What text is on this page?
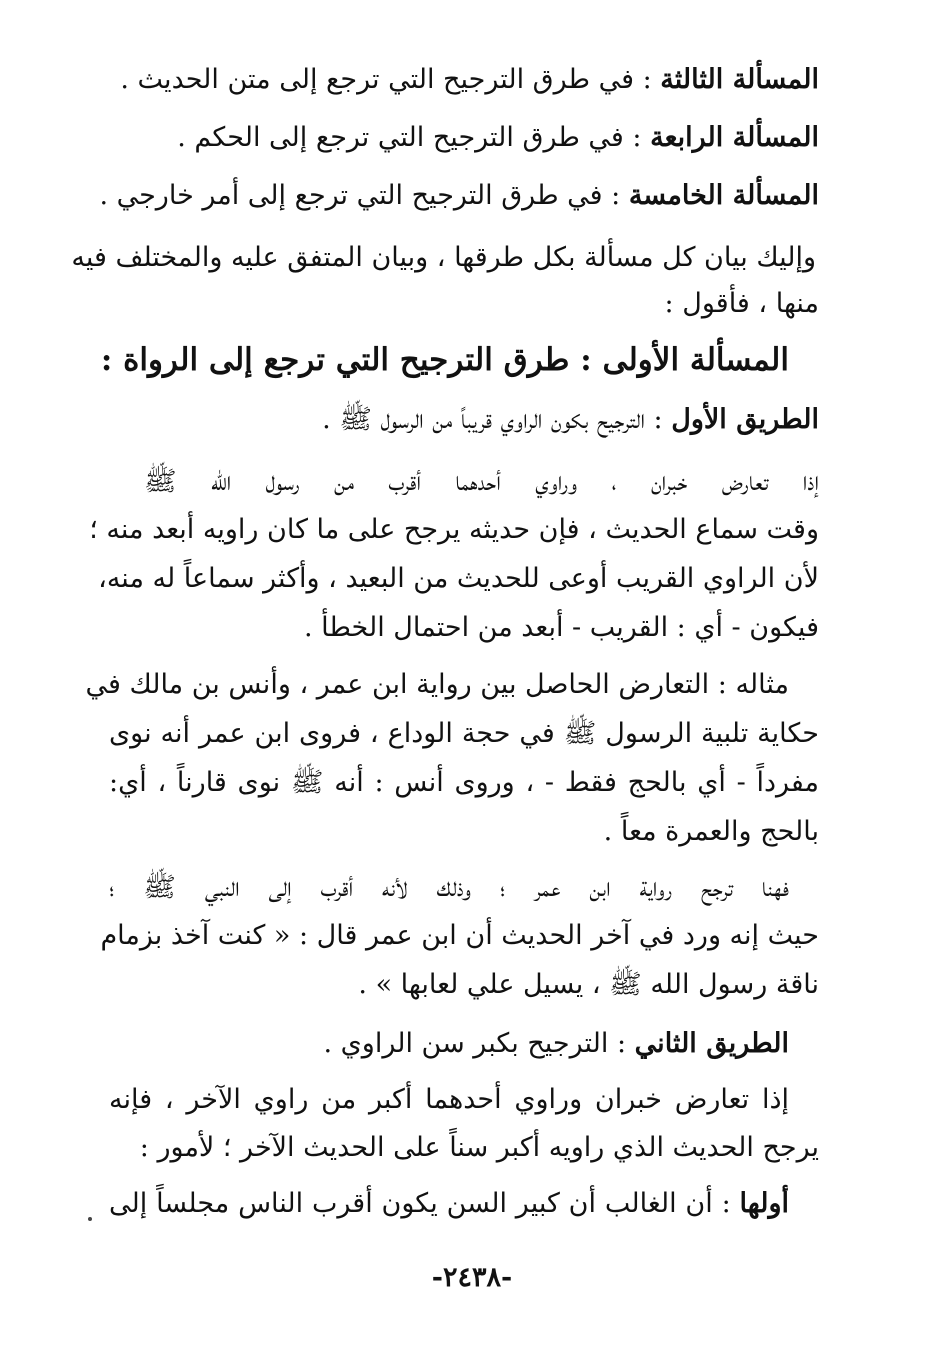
المسألة الثالثة : في طرق الترجيح التي ترجع إلى متن الحديث .
المسألة الرابعة : في طرق الترجيح التي ترجع إلى الحكم .
المسألة الخامسة : في طرق الترجيح التي ترجع إلى أمر خارجي .
وإليك بيان كل مسألة بكل طرقها ، وبيان المتفق عليه والمختلف فيه
منها ، فأقول :
المسألة الأولى : طرق الترجيح التي ترجع إلى الرواة :
الطريق الأول : الترجيح بكون الراوي قريباً من الرسول ﷺ .
إذا تعارض خبران ، وراوي أحدهما أقرب من رسول الله ﷺ
وقت سماع الحديث ، فإن حديثه يرجح على ما كان راويه أبعد منه ؛
لأن الراوي القريب أوعى للحديث من البعيد ، وأكثر سماعاً له منه،
فيكون - أي : القريب - أبعد من احتمال الخطأ .
مثاله : التعارض الحاصل بين رواية ابن عمر ، وأنس بن مالك في
حكاية تلبية الرسول ﷺ في حجة الوداع ، فروى ابن عمر أنه نوى
مفرداً - أي بالحج فقط - ، وروى أنس : أنه ﷺ نوى قارناً ، أي:
بالحج والعمرة معاً .
فهنا ترجح رواية ابن عمر ؛ وذلك لأنه أقرب إلى النبي ﷺ ؛
حيث إنه ورد في آخر الحديث أن ابن عمر قال : « كنت آخذ بزمام
ناقة رسول الله ﷺ ، يسيل علي لعابها » .
الطريق الثاني : الترجيح بكبر سن الراوي .
إذا تعارض خبران وراوي أحدهما أكبر من راوي الآخر ، فإنه
يرجح الحديث الذي راويه أكبر سناً على الحديث الآخر ؛ لأمور :
أولها : أن الغالب أن كبير السن يكون أقرب الناس مجلساً إلى
-٢٤٣٨-
